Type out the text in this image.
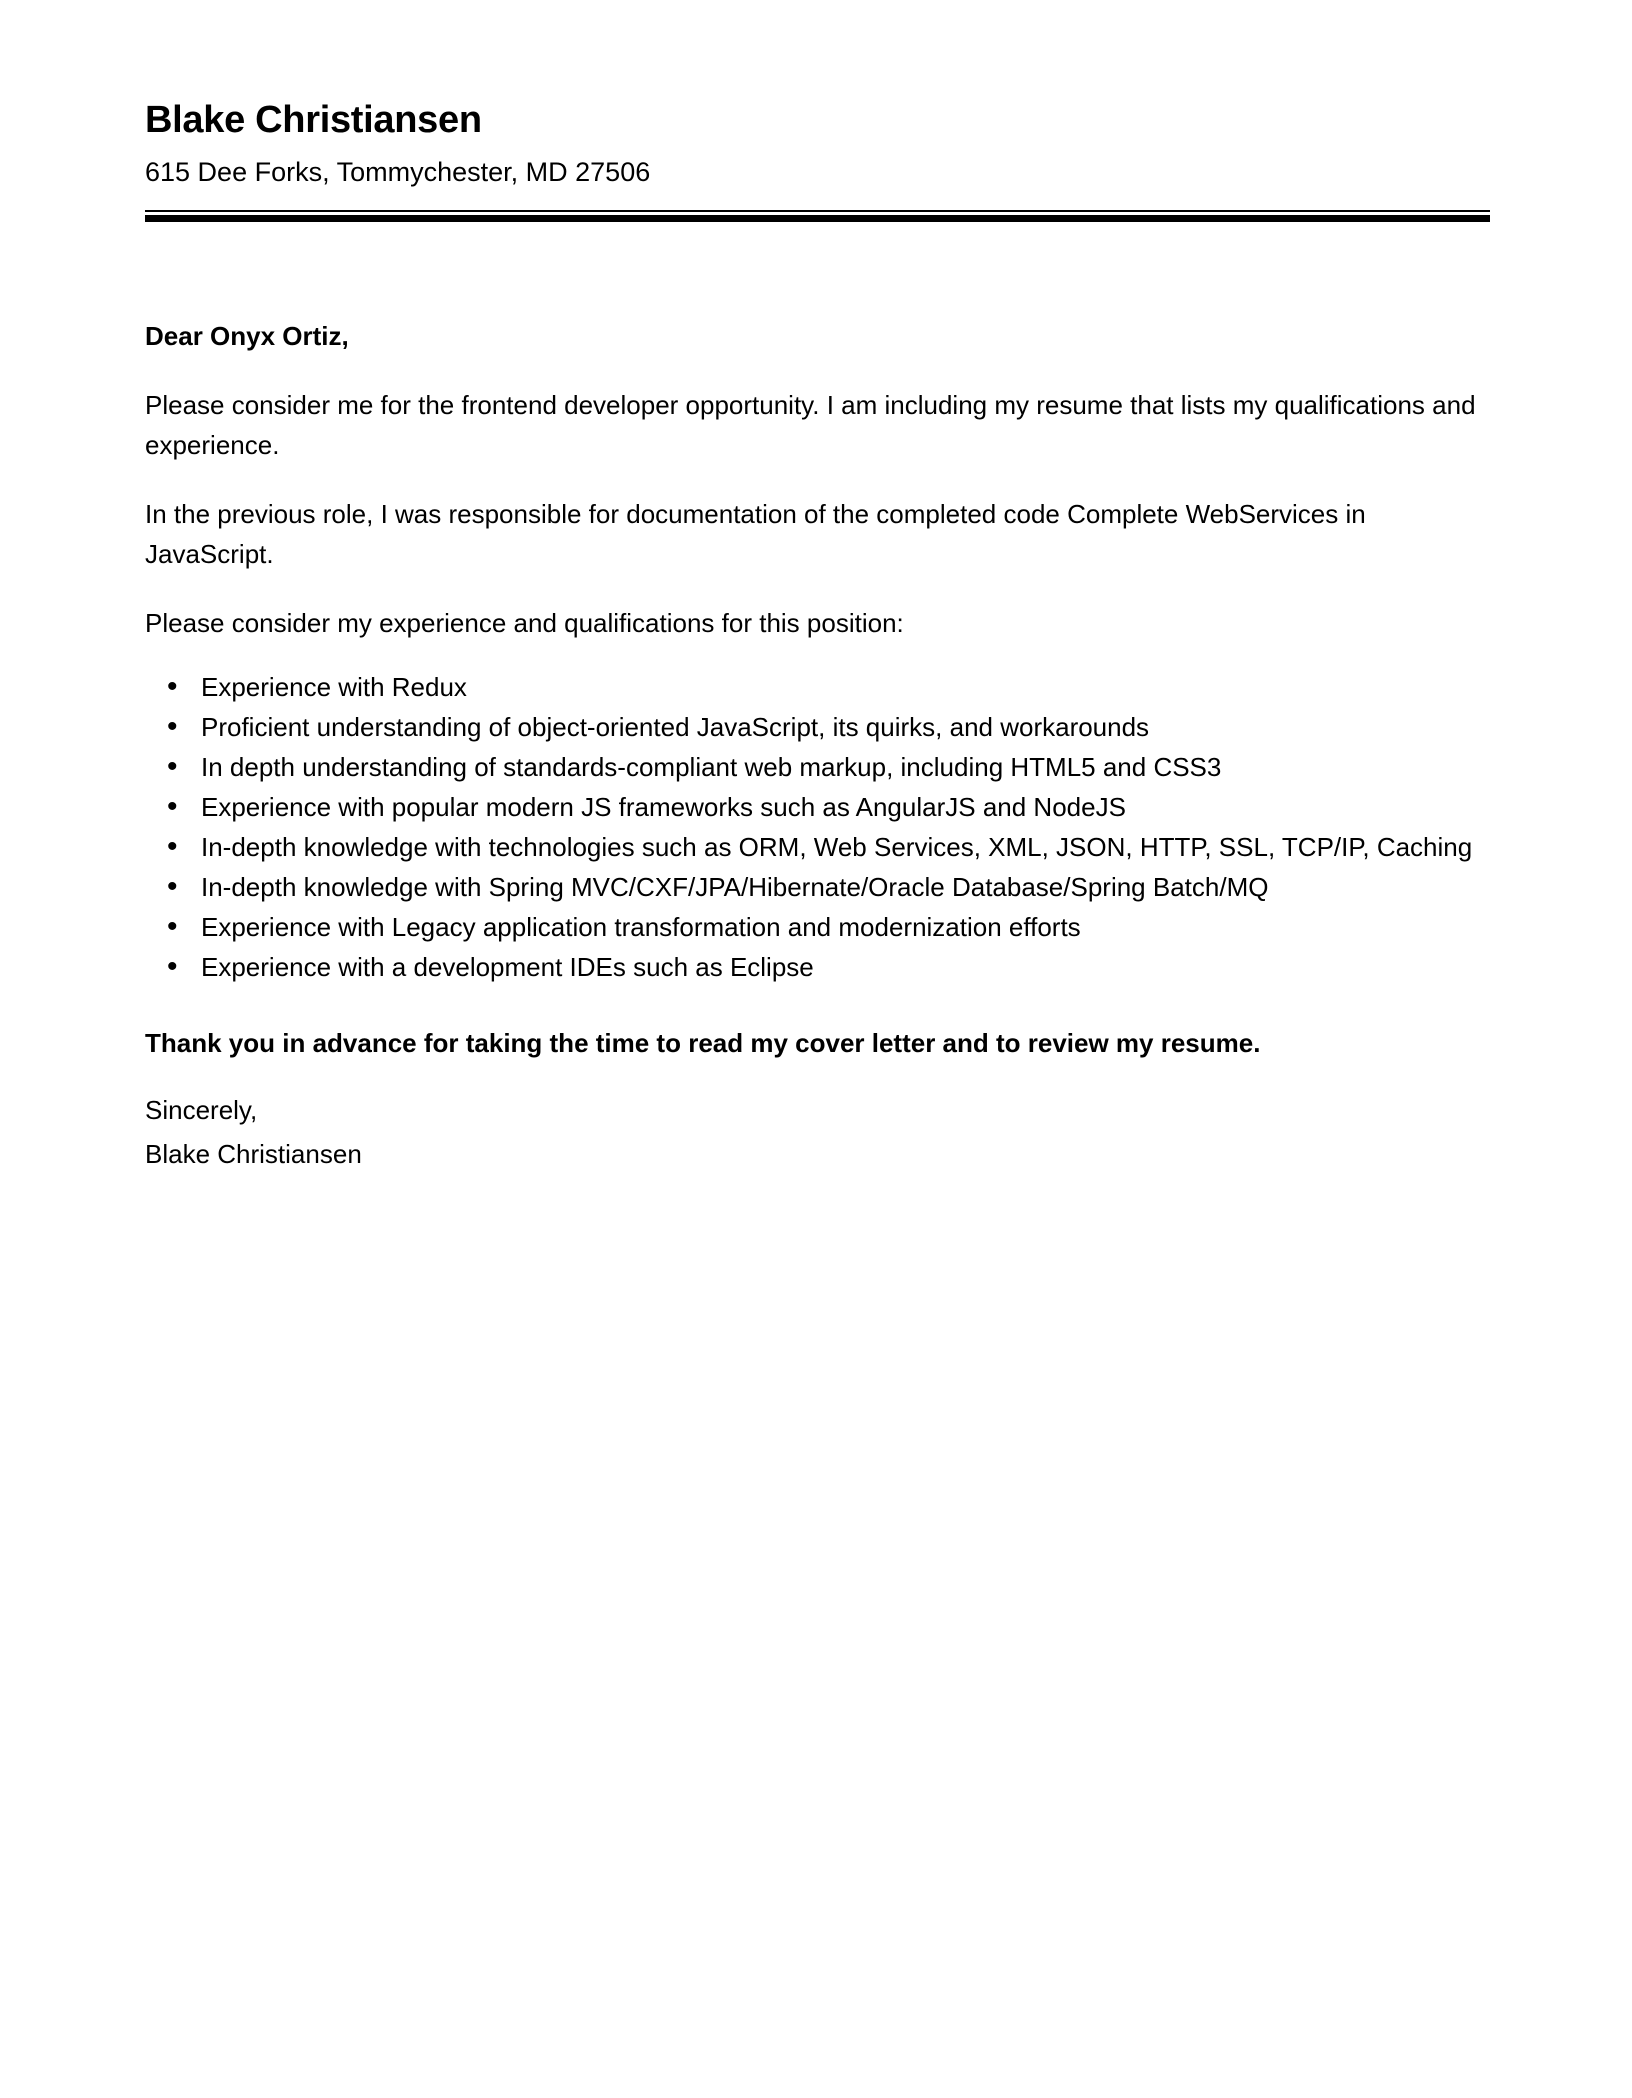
Blake Christiansen
615 Dee Forks, Tommychester, MD 27506

Dear Onyx Ortiz,

Please consider me for the frontend developer opportunity. I am including my resume that lists my qualifications and experience.

In the previous role, I was responsible for documentation of the completed code Complete WebServices in JavaScript.

Please consider my experience and qualifications for this position:

• Experience with Redux
• Proficient understanding of object-oriented JavaScript, its quirks, and workarounds
• In depth understanding of standards-compliant web markup, including HTML5 and CSS3
• Experience with popular modern JS frameworks such as AngularJS and NodeJS
• In-depth knowledge with technologies such as ORM, Web Services, XML, JSON, HTTP, SSL, TCP/IP, Caching
• In-depth knowledge with Spring MVC/CXF/JPA/Hibernate/Oracle Database/Spring Batch/MQ
• Experience with Legacy application transformation and modernization efforts
• Experience with a development IDEs such as Eclipse

Thank you in advance for taking the time to read my cover letter and to review my resume.

Sincerely,

Blake Christiansen
